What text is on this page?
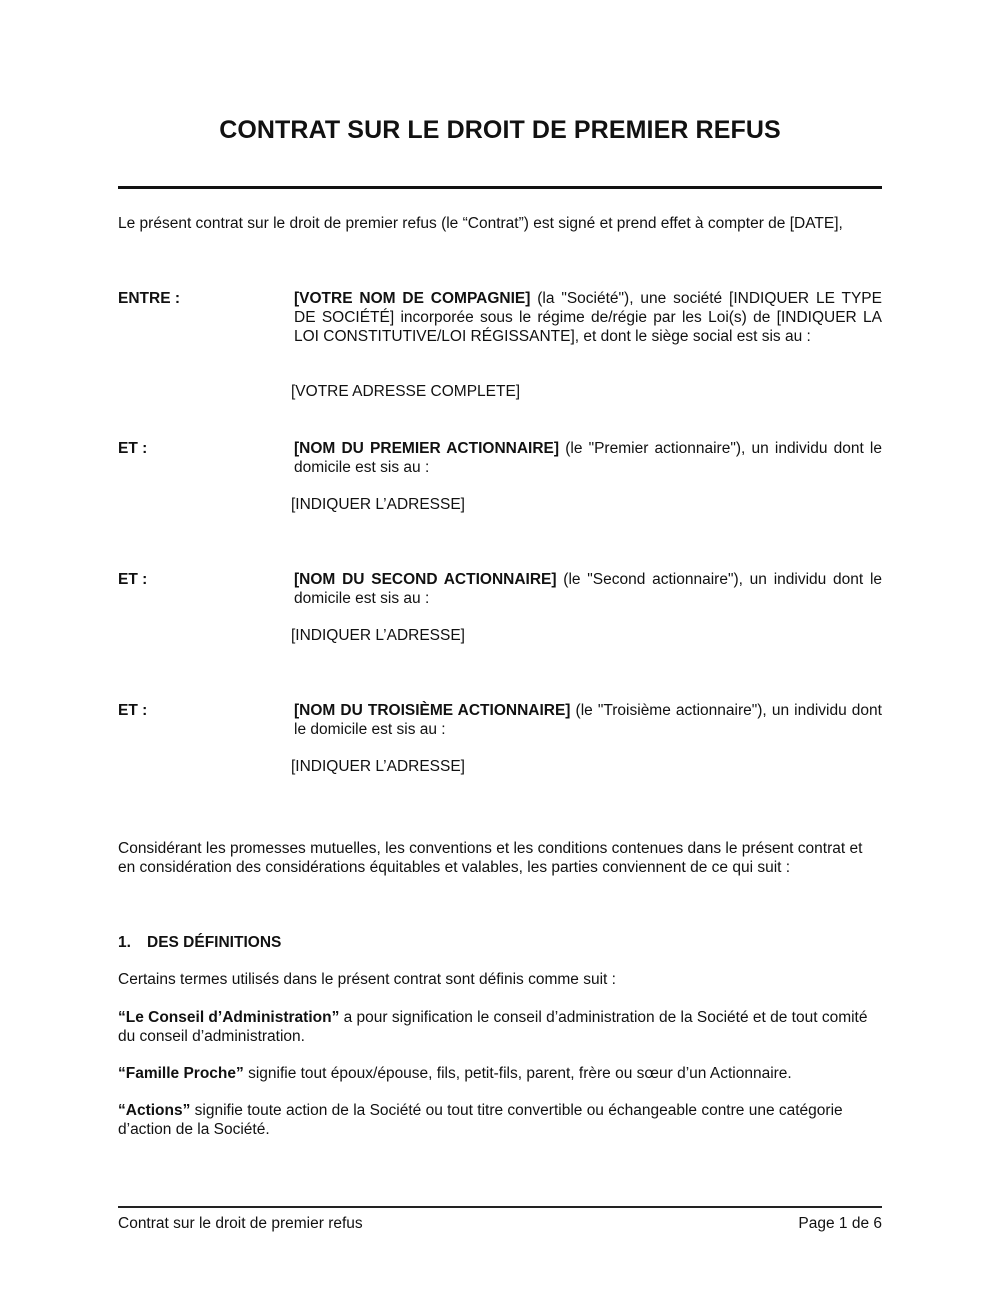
CONTRAT SUR LE DROIT DE PREMIER REFUS
Le présent contrat sur le droit de premier refus (le “Contrat”) est signé et prend effet à compter de [DATE],
ENTRE :	[VOTRE NOM DE COMPAGNIE] (la "Société"), une société [INDIQUER LE TYPE DE SOCIÉTÉ] incorporée sous le régime de/régie par les Loi(s) de [INDIQUER LA LOI CONSTITUTIVE/LOI RÉGISSANTE], et dont le siège social est sis au :
[VOTRE ADRESSE COMPLETE]
ET :	[NOM DU PREMIER ACTIONNAIRE] (le "Premier actionnaire"), un individu dont le domicile est sis au :
[INDIQUER L’ADRESSE]
ET :	[NOM DU SECOND ACTIONNAIRE] (le "Second actionnaire"), un individu dont le domicile est sis au :
[INDIQUER L’ADRESSE]
ET :	[NOM DU TROISIÈME ACTIONNAIRE] (le "Troisième actionnaire"), un individu dont le domicile est sis au :
[INDIQUER L’ADRESSE]
Considérant les promesses mutuelles, les conventions et les conditions contenues dans le présent contrat et en considération des considérations équitables et valables, les parties conviennent de ce qui suit :
1. DES DÉFINITIONS
Certains termes utilisés dans le présent contrat sont définis comme suit :
“Le Conseil d’Administration” a pour signification le conseil d’administration de la Société et de tout comité du conseil d’administration.
“Famille Proche” signifie tout époux/épouse, fils, petit-fils, parent, frère ou sœur d’un Actionnaire.
“Actions” signifie toute action de la Société ou tout titre convertible ou échangeable contre une catégorie d’action de la Société.
Contrat sur le droit de premier refus	Page 1 de 6
